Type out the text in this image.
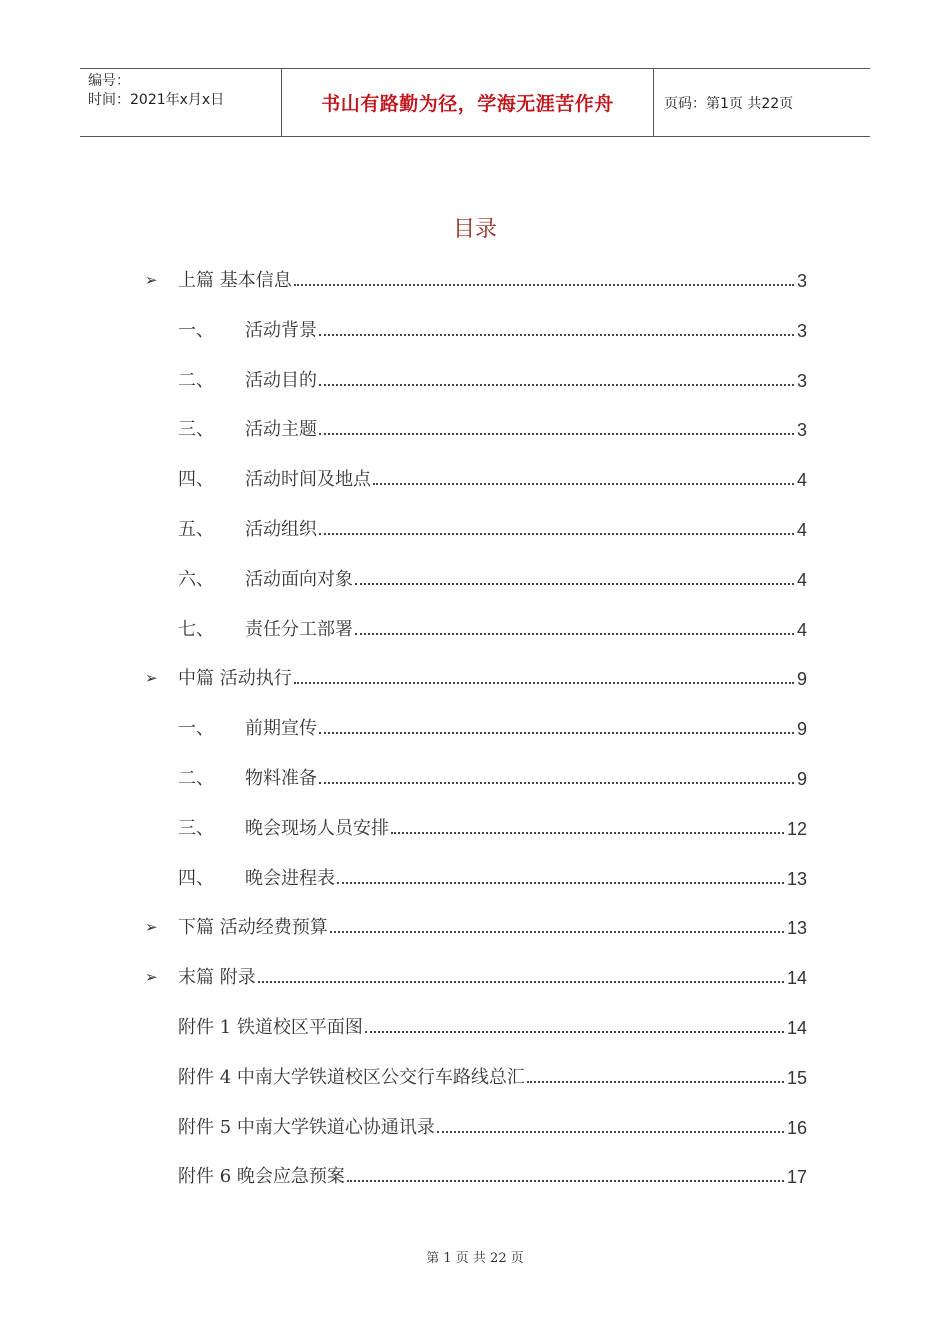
编号：
时间：2021年x月x日	书山有路勤为径，学海无涯苦作舟	页码：第1页 共22页
目录
➢ 上篇 基本信息	3
一、	活动背景	3
二、	活动目的	3
三、	活动主题	3
四、	活动时间及地点	4
五、	活动组织	4
六、	活动面向对象	4
七、	责任分工部署	4
➢ 中篇 活动执行	9
一、	前期宣传	9
二、	物料准备	9
三、	晚会现场人员安排	12
四、	晚会进程表	13
➢ 下篇 活动经费预算	13
➢ 末篇 附录	14
附件 1 铁道校区平面图	14
附件 4 中南大学铁道校区公交行车路线总汇	15
附件 5 中南大学铁道心协通讯录	16
附件 6 晚会应急预案	17
第 1 页 共 22 页
